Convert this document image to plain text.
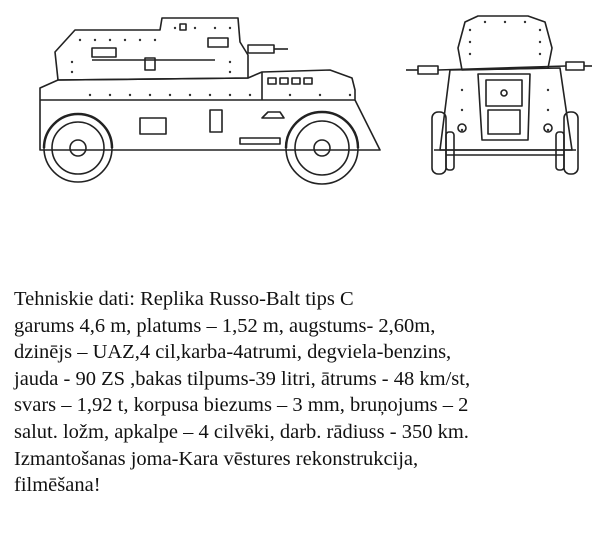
Tehniskie dati: Replika Russo-Balt tips C
garums 4,6 m, platums – 1,52 m, augstums- 2,60m,
dzinējs – UAZ,4 cil,karba-4atrumi, degviela-benzins,
jauda - 90 ZS ,bakas tilpums-39 litri, ātrums - 48 km/st,
svars – 1,92 t, korpusa biezums – 3 mm, bruņojums – 2
salut. ložm, apkalpe – 4 cilvēki, darb. rādiuss - 350 km.
Izmantošanas joma-Kara vēstures rekonstrukcija,
filmēšana!
